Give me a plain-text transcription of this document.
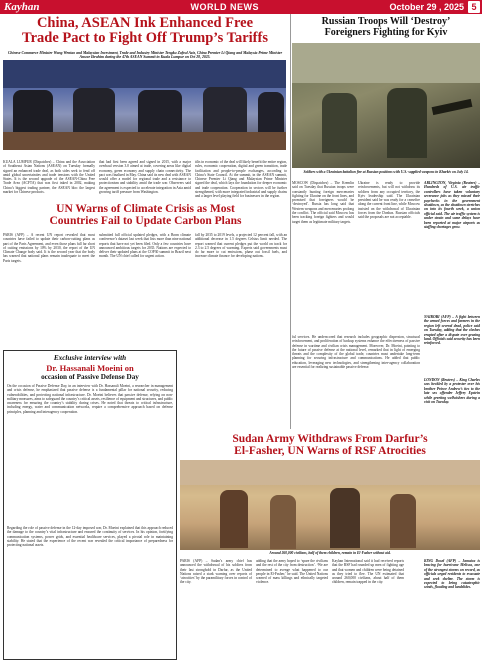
Kayhan	WORLD NEWS	October 29 , 2025 5
China, ASEAN Ink Enhanced Free
Trade Pact to Fight Off Trump’s Tariffs
Chinese Commerce Minister Wang Wentao and Malaysian Investment, Trade and Industry Minister Tengku Zafrul Aziz, China Premier Li Qiang and Malaysia Prime Minister Anwar Ibrahim during the 47th ASEAN Summit in Kuala Lumpur on Oct 28, 2025.
KUALA LUMPUR (Dispatches) – China and the Association of Southeast Asian Nations (ASEAN) on Tuesday formally signed an enhanced trade deal, as both sides seek to fend off amid global uncertainties and trade tensions with the United States. It is the second upgrade of the ASEAN-China Free Trade Area (ACFTA) that was first inked in 2002, making China’s biggest trading partner, the ASEAN bloc the largest market for Chinese products.
that had first been agreed and signed in 2015, with a major overhaul version 3.0 aimed at trade, covering areas like digital economy, green economy and supply chain connectivity. The pact was finalized in May. China said its new deal with ASEAN would offer a model for regional trade and a resistance to protectionism and stability amid the trade war. Observers said the agreement is expected to accelerate integration in Asia amid growing tariff pressure from Washington.
tilts in economic of the deal will likely benefit the entire region, rules, economic cooperation, digital and green transition, trade facilitation and people-to-people exchanges, according to China’s State Council. At the summit, in the ASEAN summit, Chinese Premier Li Qiang and Malaysian Prime Minister signed the deal, which lays the foundation for deeper economic and trade cooperation. Cooperation in sectors will be further strengthened, with more integrated industrial and supply chains and a larger level playing field for businesses in the region.
Russian Troops Will ‘Destroy’
Foreigners Fighting for Kyiv
Soldiers with a Ukrainian battalion fire at Russian positions with U.S.-supplied weapons in Kharkiv on July 14.
MOSCOW (Dispatches) – The Kremlin said on Tuesday that Russian troops were constantly hunting foreign mercenaries fighting for Ukraine on the front lines, and promised that foreigners would be ‘destroyed’. Russia has long said that Western weapons and mercenaries prolong the conflict. The official said Moscow has been tracking foreign fighters and would target them as legitimate military targets.
Ukraine is ready to provide reinforcements, but will not withdraw its soldiers from any occupied territory, the Kyiv leadership said. The Ukrainian president said he was ready for a ceasefire along the current front line, while Moscow insisted on the withdrawal of Ukrainian forces from the Donbas. Russian officials said the proposals are not acceptable.
ARLINGTON, Virginia (Reuters) – Hundreds of U.S. air traffic controllers have taken voluntary severance jobs as they missed their paychecks in the government shutdown, as the shutdown stretches on into its fourth week, a union official said. The air traffic system is under strain and some delays have been reported at major airports as staffing shortages grow.
UN Warns of Climate Crisis as Most
Countries Fail to Update Carbon Plans
PARIS (AFP) – A recent UN report revealed that most countries have failed to update their carbon-cutting plans as part of the Paris Agreement, and even those plans fall far short of cutting emissions by 10% by 2030, the report of the UN Climate Change body said. It is the second year that the body has warned that national plans remain inadequate to meet the Paris targets.
submitted full official updated pledges, with a Bonn climate conference’s dataset last week that lists more than nine national reports that have not yet been filed. Only a few countries have announced ambitious targets for 2035. Nations are expected to deliver their updated plans at the COP30 summit in Brazil next month. The UN chief called for urgent action.
fall by 2035 to 2019 levels, a projected 12 percent fall, with an additional decrease in 1.5 degrees Celsius limit needed. The report warned that current pledges put the world on track for 2.3 to 2.5 degrees of warming. Experts said governments must do far more to cut emissions, phase out fossil fuels, and increase climate finance for developing nations.
NAIROBI (AFP) – A fight between the armed forces and farmers in the region left several dead, police said on Tuesday, adding that the clashes erupted after a dispute over grazing land. Officials said security has been reinforced.
LONDON (Reuters) – King Charles was heckled by a protester over his brother Prince Andrew’s ties to the late sex offender Jeffrey Epstein while greeting wellwishers during a visit on Tuesday.
ful services. He underscored that research includes geographic dispersion, structural reinforcement, and proliferation of backup systems enhance the effectiveness of passive defense in wartime and civilian crisis management. Moreover, Dr. Moeini, pointing to the future of passive defense at the national level, remarked that in light of emerging threats and the complexity of the global trade, countries must undertake long-term planning for securing infrastructure and communications. He added that public education, leveraging new technologies, and strengthening inter-agency collaboration are essential for realizing sustainable passive defense.
Exclusive interview with
Dr. Hassanali Moeini on
occasion of Passive Defense Day
On the occasion of Passive Defense Day, in an interview with Dr. Hassanali Moeini, a researcher in management and crisis defense, he emphasized that passive defense is a fundamental pillar for national security, reducing vulnerabilities, and protecting national infrastructure. Dr. Moeini believes that passive defense, relying on non-military measures, aims to safeguard the country’s critical assets, resilience of equipment and structures, and public awareness for ensuring the country’s stability during crises. He noted that threats to critical infrastructure, including energy, water and communication networks, require a comprehensive approach based on defense principles, planning and interagency cooperation.
Regarding the role of passive defense in the 12-day imposed war, Dr. Moeini explained that this approach reduced the damage to the country’s vital infrastructure and ensured the continuity of services. In his opinion, fortifying communication systems, power grids, and essential healthcare services, played a pivotal role in maintaining stability. He stated that the experience of the recent war revealed the critical importance of preparedness for protecting national assets.
Sudan Army Withdraws From Darfur’s
El-Fasher, UN Warns of RSF Atrocities
Around 260,000 civilians, half of them children, remain in El-Fasher without aid.
PARIS (AFP) – Sudan’s army chief has announced the withdrawal of his soldiers from their last stronghold in Darfur, as the United Nations raised a stark warning over reports of ‘atrocities’ by the paramilitary forces in control of the city.
adding that the army hoped to ‘spare the civilians and the rest of the city from destruction’. ‘We are determined to avenge what happened to our people in El-Fasher,’ he said. The United Nations warned of mass killings and ethnically targeted violence.
Kayhan International said it had received reports that the RSF had rounded up men of fighting age and that women and children were being detained as they tried to flee. The UN estimated that around 260,000 civilians, about half of them children, remain trapped in the city.
KING Dowd (AFP) – Jamaica is bracing for hurricane Melissa, one of the strongest storms on record, as officials urged residents to evacuate and seek shelter. The storm is expected to bring catastrophic winds, flooding and landslides.
